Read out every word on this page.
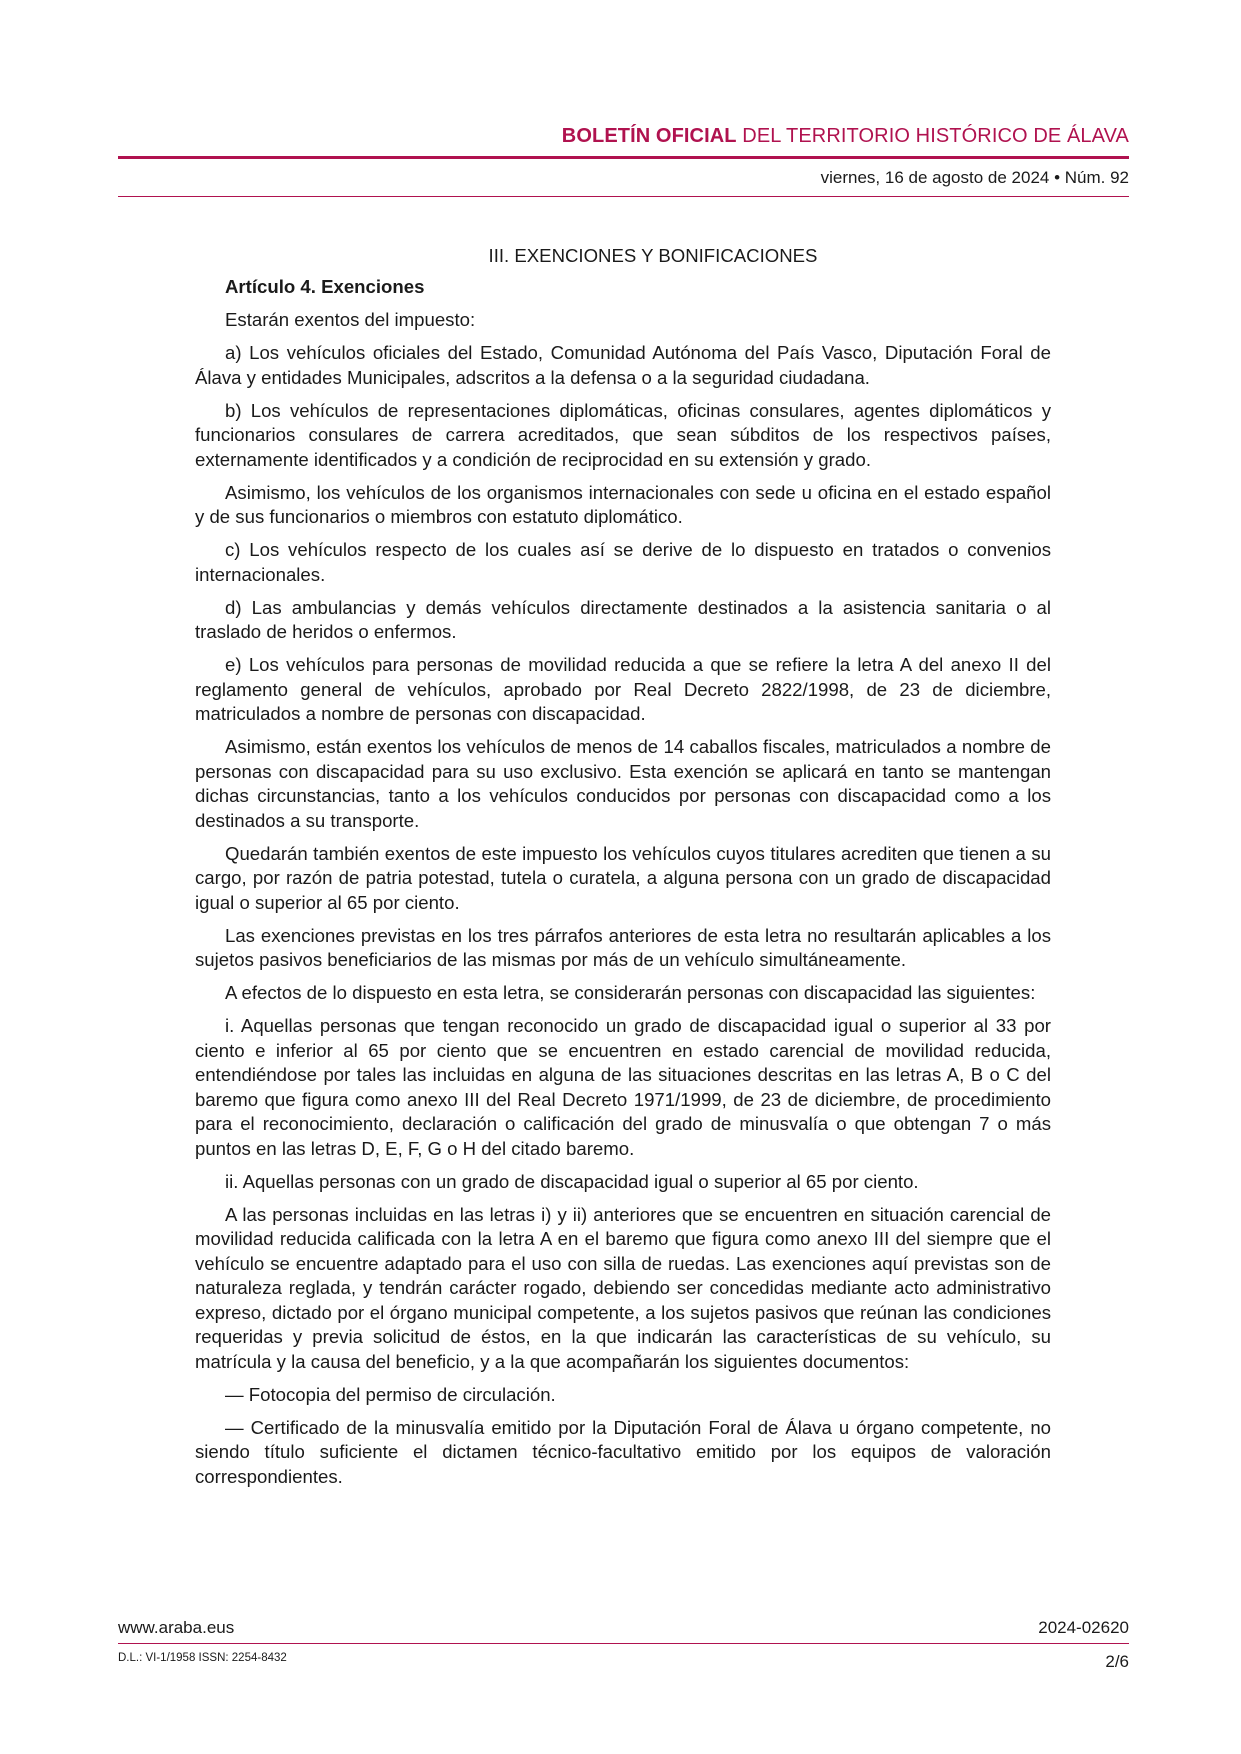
BOLETÍN OFICIAL DEL TERRITORIO HISTÓRICO DE ÁLAVA
viernes, 16 de agosto de 2024 • Núm. 92
III. EXENCIONES Y BONIFICACIONES
Artículo 4. Exenciones

Estarán exentos del impuesto:

a) Los vehículos oficiales del Estado, Comunidad Autónoma del País Vasco, Diputación Foral de Álava y entidades Municipales, adscritos a la defensa o a la seguridad ciudadana.

b) Los vehículos de representaciones diplomáticas, oficinas consulares, agentes diplomáticos y funcionarios consulares de carrera acreditados, que sean súbditos de los respectivos países, externamente identificados y a condición de reciprocidad en su extensión y grado.

Asimismo, los vehículos de los organismos internacionales con sede u oficina en el estado español y de sus funcionarios o miembros con estatuto diplomático.

c) Los vehículos respecto de los cuales así se derive de lo dispuesto en tratados o convenios internacionales.

d) Las ambulancias y demás vehículos directamente destinados a la asistencia sanitaria o al traslado de heridos o enfermos.

e) Los vehículos para personas de movilidad reducida a que se refiere la letra A del anexo II del reglamento general de vehículos, aprobado por Real Decreto 2822/1998, de 23 de diciembre, matriculados a nombre de personas con discapacidad.

Asimismo, están exentos los vehículos de menos de 14 caballos fiscales, matriculados a nombre de personas con discapacidad para su uso exclusivo. Esta exención se aplicará en tanto se mantengan dichas circunstancias, tanto a los vehículos conducidos por personas con discapacidad como a los destinados a su transporte.

Quedarán también exentos de este impuesto los vehículos cuyos titulares acrediten que tienen a su cargo, por razón de patria potestad, tutela o curatela, a alguna persona con un grado de discapacidad igual o superior al 65 por ciento.

Las exenciones previstas en los tres párrafos anteriores de esta letra no resultarán aplicables a los sujetos pasivos beneficiarios de las mismas por más de un vehículo simultáneamente.

A efectos de lo dispuesto en esta letra, se considerarán personas con discapacidad las siguientes:

i. Aquellas personas que tengan reconocido un grado de discapacidad igual o superior al 33 por ciento e inferior al 65 por ciento que se encuentren en estado carencial de movilidad reducida, entendiéndose por tales las incluidas en alguna de las situaciones descritas en las letras A, B o C del baremo que figura como anexo III del Real Decreto 1971/1999, de 23 de diciembre, de procedimiento para el reconocimiento, declaración o calificación del grado de minusvalía o que obtengan 7 o más puntos en las letras D, E, F, G o H del citado baremo.

ii. Aquellas personas con un grado de discapacidad igual o superior al 65 por ciento.

A las personas incluidas en las letras i) y ii) anteriores que se encuentren en situación carencial de movilidad reducida calificada con la letra A en el baremo que figura como anexo III del siempre que el vehículo se encuentre adaptado para el uso con silla de ruedas. Las exenciones aquí previstas son de naturaleza reglada, y tendrán carácter rogado, debiendo ser concedidas mediante acto administrativo expreso, dictado por el órgano municipal competente, a los sujetos pasivos que reúnan las condiciones requeridas y previa solicitud de éstos, en la que indicarán las características de su vehículo, su matrícula y la causa del beneficio, y a la que acompañarán los siguientes documentos:

— Fotocopia del permiso de circulación.

— Certificado de la minusvalía emitido por la Diputación Foral de Álava u órgano competente, no siendo título suficiente el dictamen técnico-facultativo emitido por los equipos de valoración correspondientes.

www.araba.eus	2024-02620
D.L.: VI-1/1958 ISSN: 2254-8432	2/6
